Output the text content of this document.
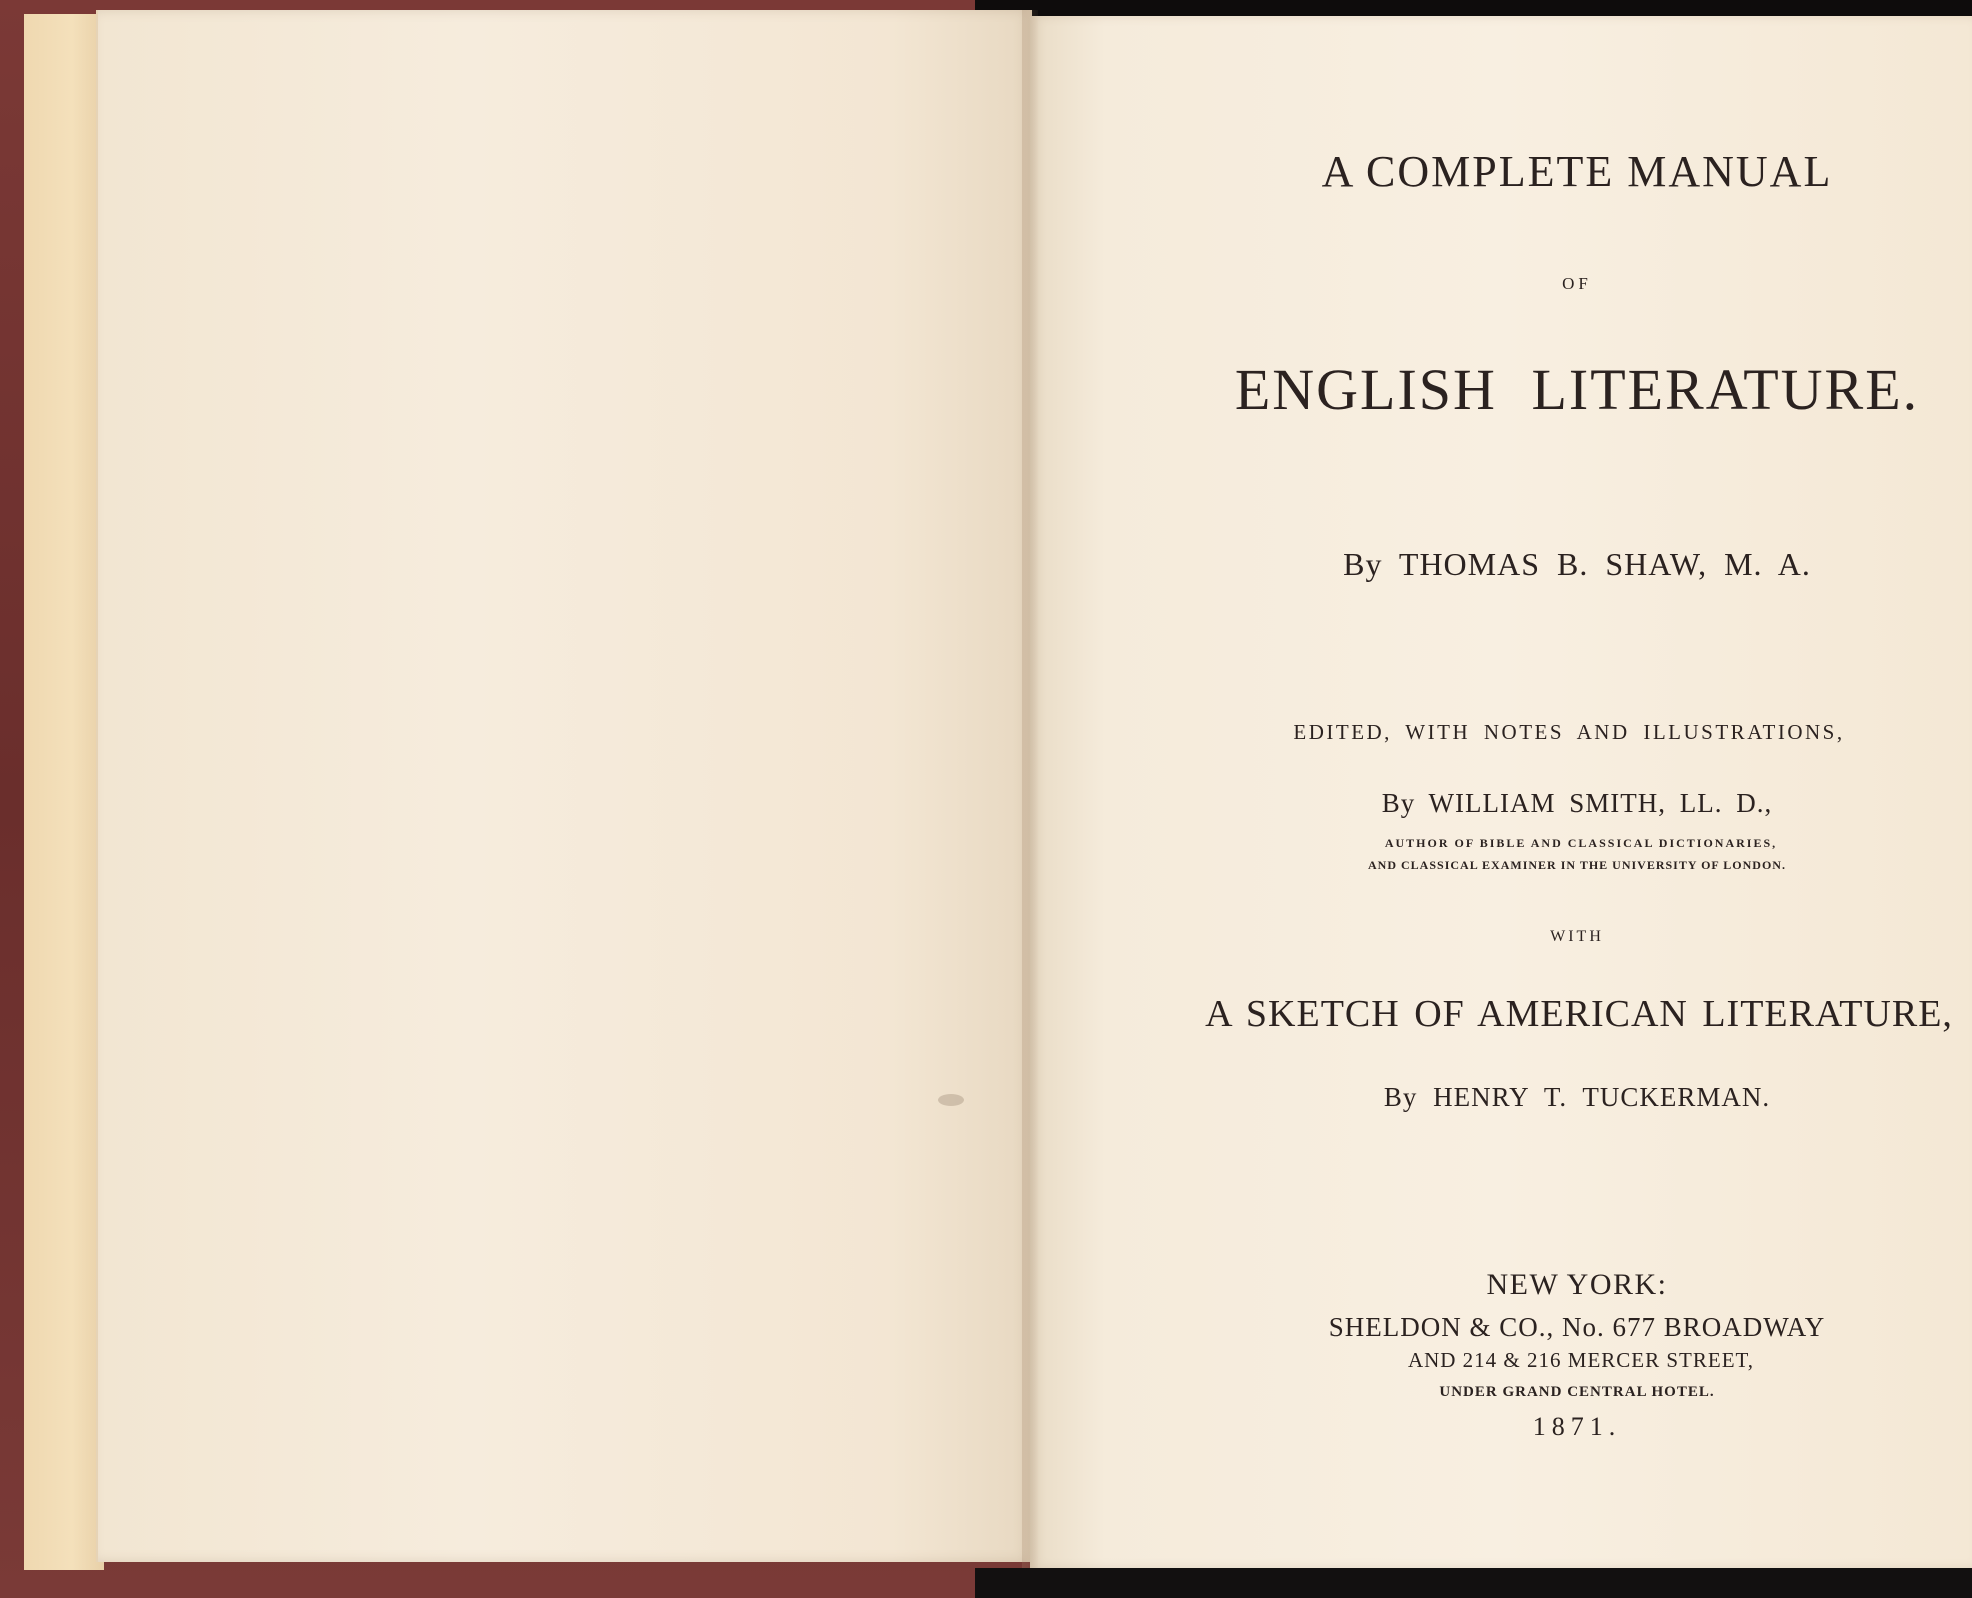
A COMPLETE MANUAL
OF
ENGLISH LITERATURE.
By THOMAS B. SHAW, M. A.
EDITED, WITH NOTES AND ILLUSTRATIONS,
By WILLIAM SMITH, LL. D.,
AUTHOR OF BIBLE AND CLASSICAL DICTIONARIES,
AND CLASSICAL EXAMINER IN THE UNIVERSITY OF LONDON.
WITH
A SKETCH OF AMERICAN LITERATURE,
By HENRY T. TUCKERMAN.
NEW YORK:
SHELDON & CO., No. 677 BROADWAY
AND 214 & 216 MERCER STREET,
UNDER GRAND CENTRAL HOTEL.
1871.
